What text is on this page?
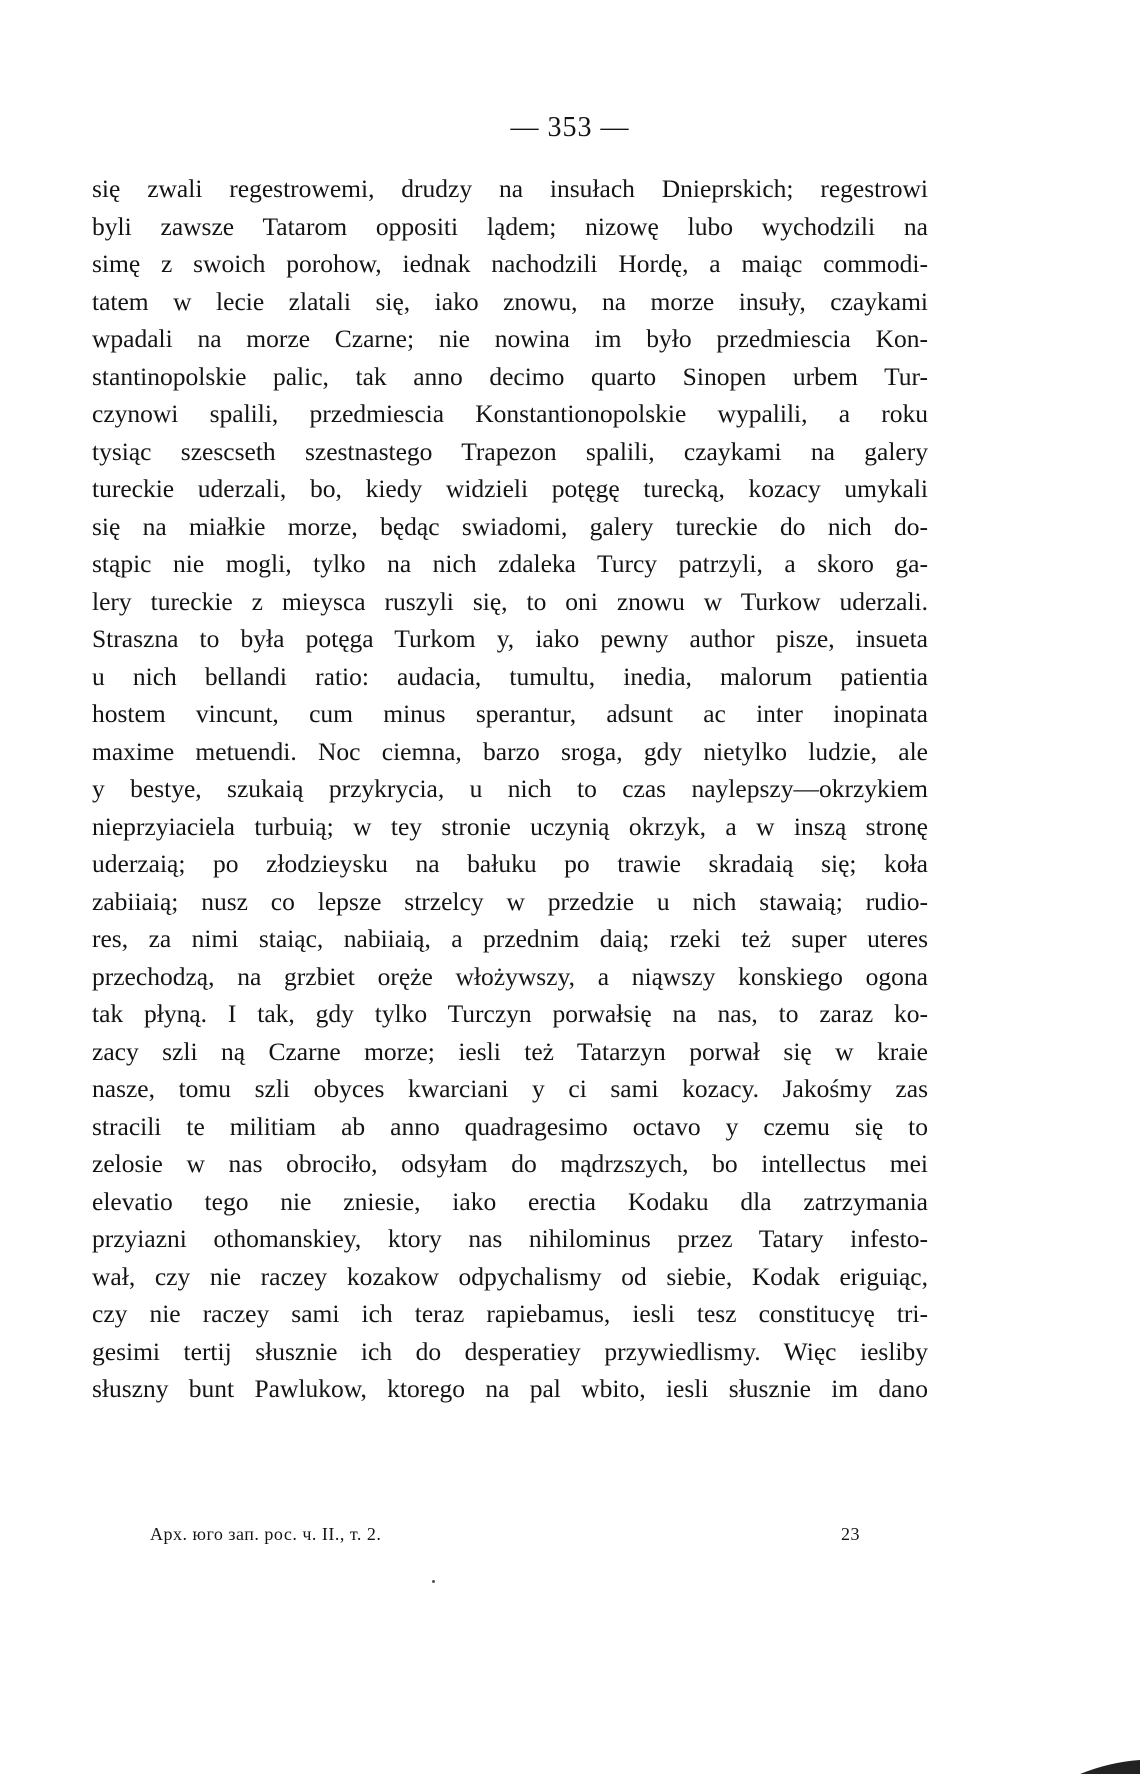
— 353 —
się zwali regestrowemi, drudzy na insułach Dnieprskich; regestrowi
byli zawsze Tatarom oppositi lądem; nizowę lubo wychodzili na
simę z swoich porohow, iednak nachodzili Hordę, a maiąc commodi-
tatem w lecie zlatali się, iako znowu, na morze insuły, czaykami
wpadali na morze Czarne; nie nowina im było przedmiescia Kon-
stantinopolskie palic, tak anno decimo quarto Sinopen urbem Tur-
czynowi spalili, przedmiescia Konstantionopolskie wypalili, a roku
tysiąc szescseth szestnastego Trapezon spalili, czaykami na galery
tureckie uderzali, bo, kiedy widzieli potęgę turecką, kozacy umykali
się na miałkie morze, będąc swiadomi, galery tureckie do nich do-
stąpic nie mogli, tylko na nich zdaleka Turcy patrzyli, a skoro ga-
lery tureckie z mieysca ruszyli się, to oni znowu w Turkow uderzali.
Straszna to była potęga Turkom y, iako pewny author pisze, insueta
u nich bellandi ratio: audacia, tumultu, inedia, malorum patientia
hostem vincunt, cum minus sperantur, adsunt ac inter inopinata
maxime metuendi. Noc ciemna, barzo sroga, gdy nietylko ludzie, ale
y bestye, szukaią przykrycia, u nich to czas naylepszy—okrzykiem
nieprzyiaciela turbuią; w tey stronie uczynią okrzyk, a w inszą stronę
uderzaią; po złodzieysku na bałuku po trawie skradaią się; koła
zabiiaią; nusz co lepsze strzelcy w przedzie u nich stawaią; rudio-
res, za nimi staiąc, nabiiaią, a przednim daią; rzeki też super uteres
przechodzą, na grzbiet oręże włożywszy, a niąwszy konskiego ogona
tak płyną. I tak, gdy tylko Turczyn porwałsię na nas, to zaraz ko-
zacy szli ną Czarne morze; iesli też Tatarzyn porwał się w kraie
nasze, tomu szli obyces kwarciani y ci sami kozacy. Jakośmy zas
stracili te militiam ab anno quadragesimo octavo y czemu się to
zelosie w nas obrociło, odsyłam do mądrzszych, bo intellectus mei
elevatio tego nie zniesie, iako erectia Kodaku dla zatrzymania
przyiazni othomanskiey, ktory nas nihilominus przez Tatary infesto-
wał, czy nie raczey kozakow odpychalismy od siebie, Kodak eriguiąc,
czy nie raczey sami ich teraz rapiebamus, iesli tesz constitucyę tri-
gesimi tertij słusznie ich do desperatiey przywiedlismy. Więc iesliby
słuszny bunt Pawlukow, ktorego na pal wbito, iesli słusznie im dano
Арх. юго зап. рос. ч. II., т. 2.	23
